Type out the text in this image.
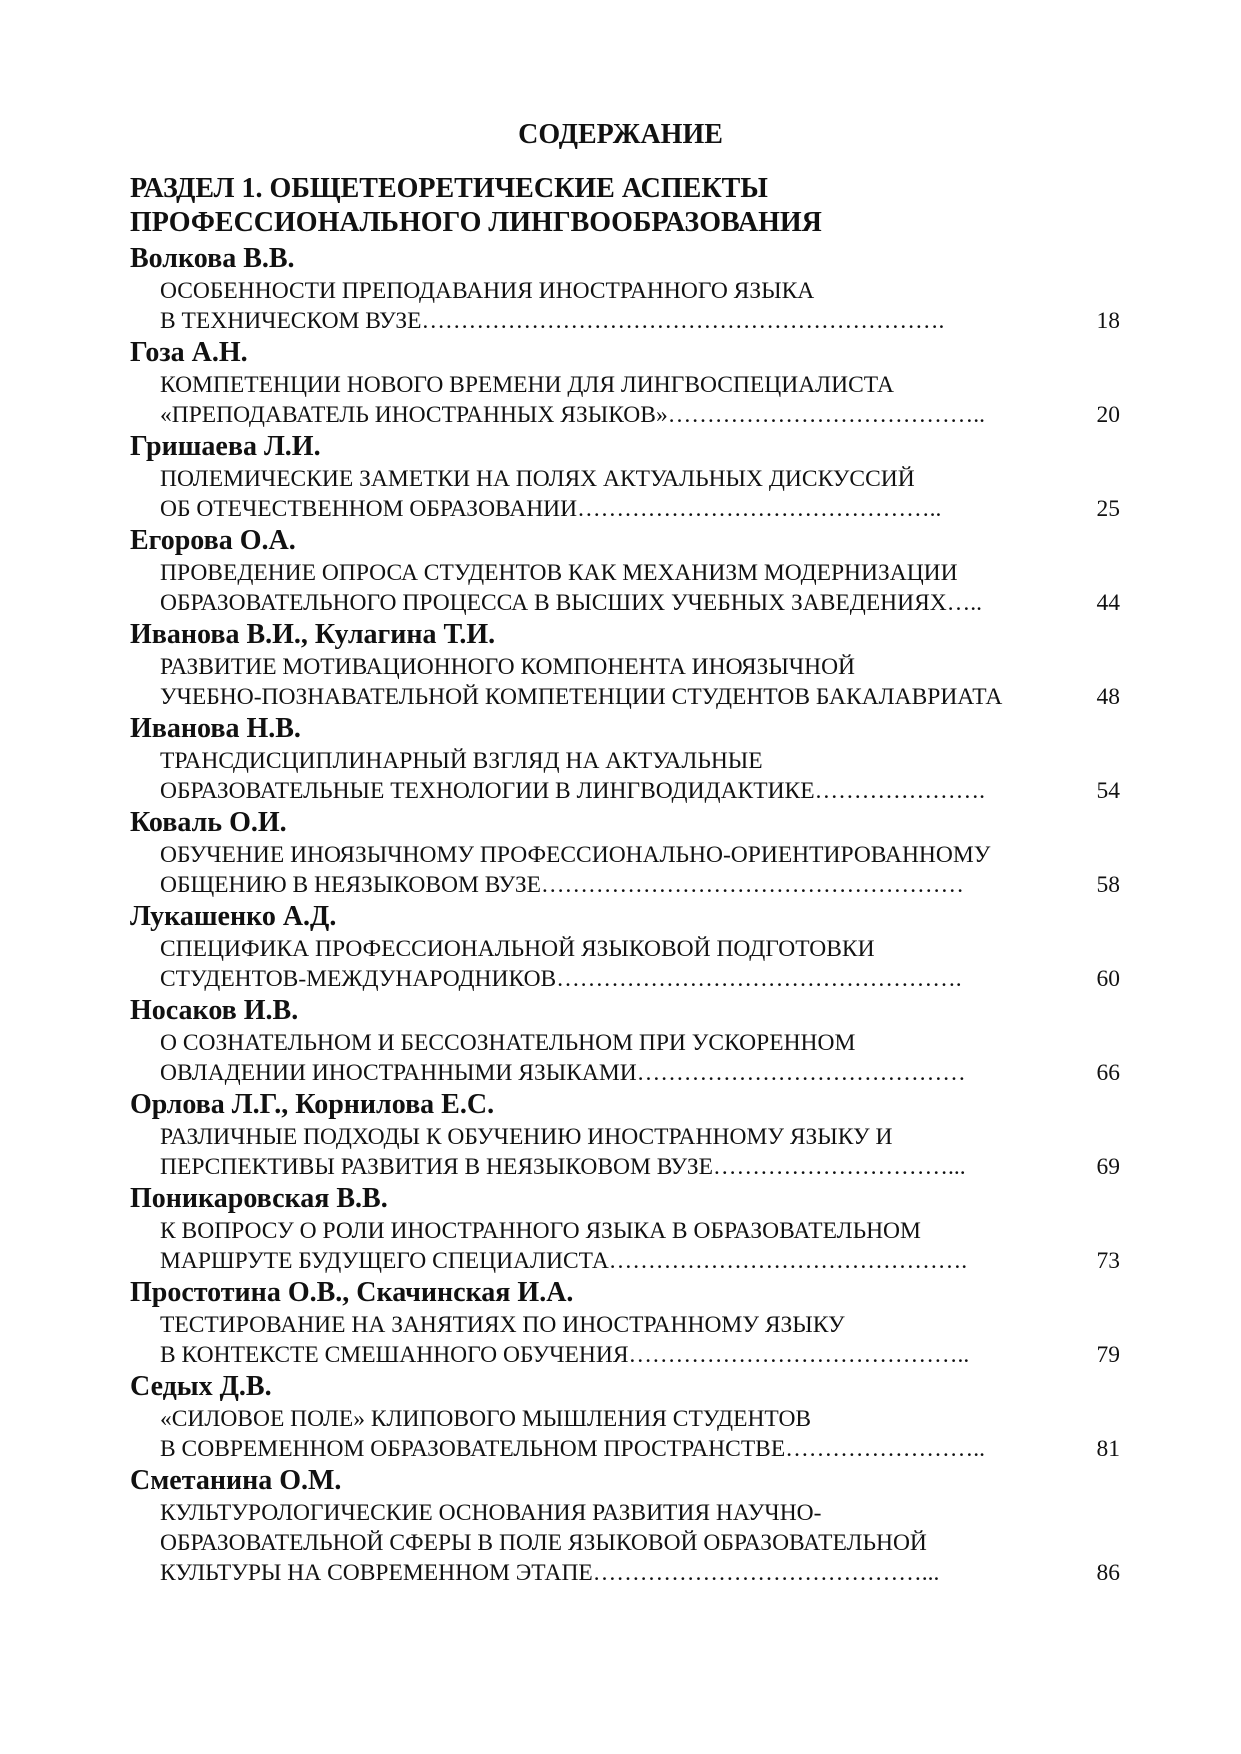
СОДЕРЖАНИЕ
РАЗДЕЛ 1. ОБЩЕТЕОРЕТИЧЕСКИЕ АСПЕКТЫ
ПРОФЕССИОНАЛЬНОГО ЛИНГВООБРАЗОВАНИЯ
Волкова В.В.
ОСОБЕННОСТИ ПРЕПОДАВАНИЯ ИНОСТРАННОГО ЯЗЫКА
В ТЕХНИЧЕСКОМ ВУЗЕ………………………………………………………….	18
Гоза А.Н.
КОМПЕТЕНЦИИ НОВОГО ВРЕМЕНИ ДЛЯ ЛИНГВОСПЕЦИАЛИСТА
«ПРЕПОДАВАТЕЛЬ ИНОСТРАННЫХ ЯЗЫКОВ»…………………………………..	20
Гришаева Л.И.
ПОЛЕМИЧЕСКИЕ ЗАМЕТКИ НА ПОЛЯХ АКТУАЛЬНЫХ ДИСКУССИЙ
ОБ ОТЕЧЕСТВЕННОМ ОБРАЗОВАНИИ………………………………………..	25
Егорова О.А.
ПРОВЕДЕНИЕ ОПРОСА СТУДЕНТОВ КАК МЕХАНИЗМ МОДЕРНИЗАЦИИ
ОБРАЗОВАТЕЛЬНОГО ПРОЦЕССА В ВЫСШИХ УЧЕБНЫХ ЗАВЕДЕНИЯХ…..	44
Иванова В.И., Кулагина Т.И.
РАЗВИТИЕ МОТИВАЦИОННОГО КОМПОНЕНТА ИНОЯЗЫЧНОЙ
УЧЕБНО-ПОЗНАВАТЕЛЬНОЙ КОМПЕТЕНЦИИ СТУДЕНТОВ БАКАЛАВРИАТА	48
Иванова Н.В.
ТРАНСДИСЦИПЛИНАРНЫЙ ВЗГЛЯД НА АКТУАЛЬНЫЕ
ОБРАЗОВАТЕЛЬНЫЕ ТЕХНОЛОГИИ В ЛИНГВОДИДАКТИКЕ………………….	54
Коваль О.И.
ОБУЧЕНИЕ ИНОЯЗЫЧНОМУ ПРОФЕССИОНАЛЬНО-ОРИЕНТИРОВАННОМУ
ОБЩЕНИЮ В НЕЯЗЫКОВОМ ВУЗЕ………………………………………………	58
Лукашенко А.Д.
СПЕЦИФИКА ПРОФЕССИОНАЛЬНОЙ ЯЗЫКОВОЙ ПОДГОТОВКИ
СТУДЕНТОВ-МЕЖДУНАРОДНИКОВ…………………………………………….	60
Носаков И.В.
О СОЗНАТЕЛЬНОМ И БЕССОЗНАТЕЛЬНОМ ПРИ УСКОРЕННОМ
ОВЛАДЕНИИ ИНОСТРАННЫМИ ЯЗЫКАМИ……………………………………	66
Орлова Л.Г., Корнилова Е.С.
РАЗЛИЧНЫЕ ПОДХОДЫ К ОБУЧЕНИЮ ИНОСТРАННОМУ ЯЗЫКУ И
ПЕРСПЕКТИВЫ РАЗВИТИЯ В НЕЯЗЫКОВОМ ВУЗЕ…………………………...	69
Поникаровская В.В.
К ВОПРОСУ О РОЛИ ИНОСТРАННОГО ЯЗЫКА В ОБРАЗОВАТЕЛЬНОМ
МАРШРУТЕ БУДУЩЕГО СПЕЦИАЛИСТА……………………………………….	73
Простотина О.В., Скачинская И.А.
ТЕСТИРОВАНИЕ НА ЗАНЯТИЯХ ПО ИНОСТРАННОМУ ЯЗЫКУ
В КОНТЕКСТЕ СМЕШАННОГО ОБУЧЕНИЯ……………………………………..	79
Седых Д.В.
«СИЛОВОЕ ПОЛЕ» КЛИПОВОГО МЫШЛЕНИЯ СТУДЕНТОВ
В СОВРЕМЕННОМ ОБРАЗОВАТЕЛЬНОМ ПРОСТРАНСТВЕ……………………..	81
Сметанина О.М.
КУЛЬТУРОЛОГИЧЕСКИЕ ОСНОВАНИЯ РАЗВИТИЯ НАУЧНО-
ОБРАЗОВАТЕЛЬНОЙ СФЕРЫ В ПОЛЕ ЯЗЫКОВОЙ ОБРАЗОВАТЕЛЬНОЙ
КУЛЬТУРЫ НА СОВРЕМЕННОМ ЭТАПЕ……………………………………...	86
